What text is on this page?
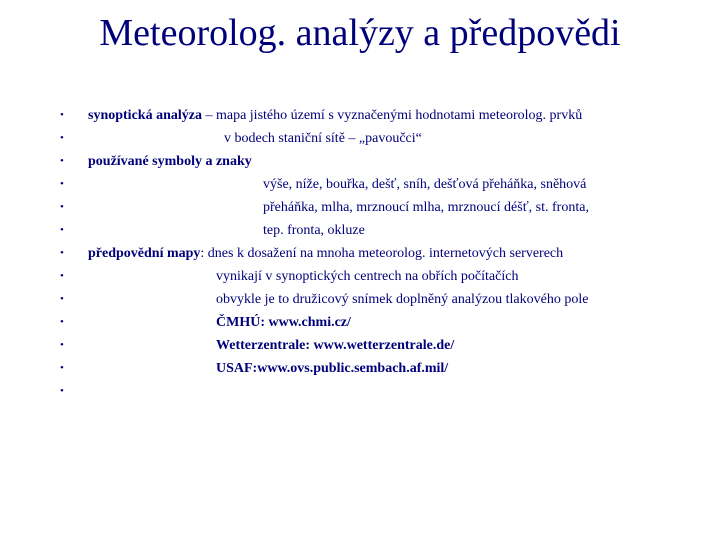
Meteorolog. analýzy a předpovědi
•	synoptická analýza – mapa jistého území s vyznačenými hodnotami meteorolog. prvků
•	v bodech staniční sítě – „pavoučci“
•	používané symboly a znaky
•	výše, níže, bouřka, dešť, sníh, dešťová přeháňka, sněhová
•	přeháňka, mlha, mrznoucí mlha, mrznoucí déšť, st. fronta,
•	tep. fronta, okluze
•	předpovědní mapy: dnes k dosažení na mnoha meteorolog. internetových serverech
•	vynikají v synoptických centrech na obřích počítačích
•	obvykle je to družicový snímek doplněný analýzou tlakového pole
•	ČMHÚ: www.chmi.cz/
•	Wetterzentrale: www.wetterzentrale.de/
•	USAF:www.ovs.public.sembach.af.mil/
•
